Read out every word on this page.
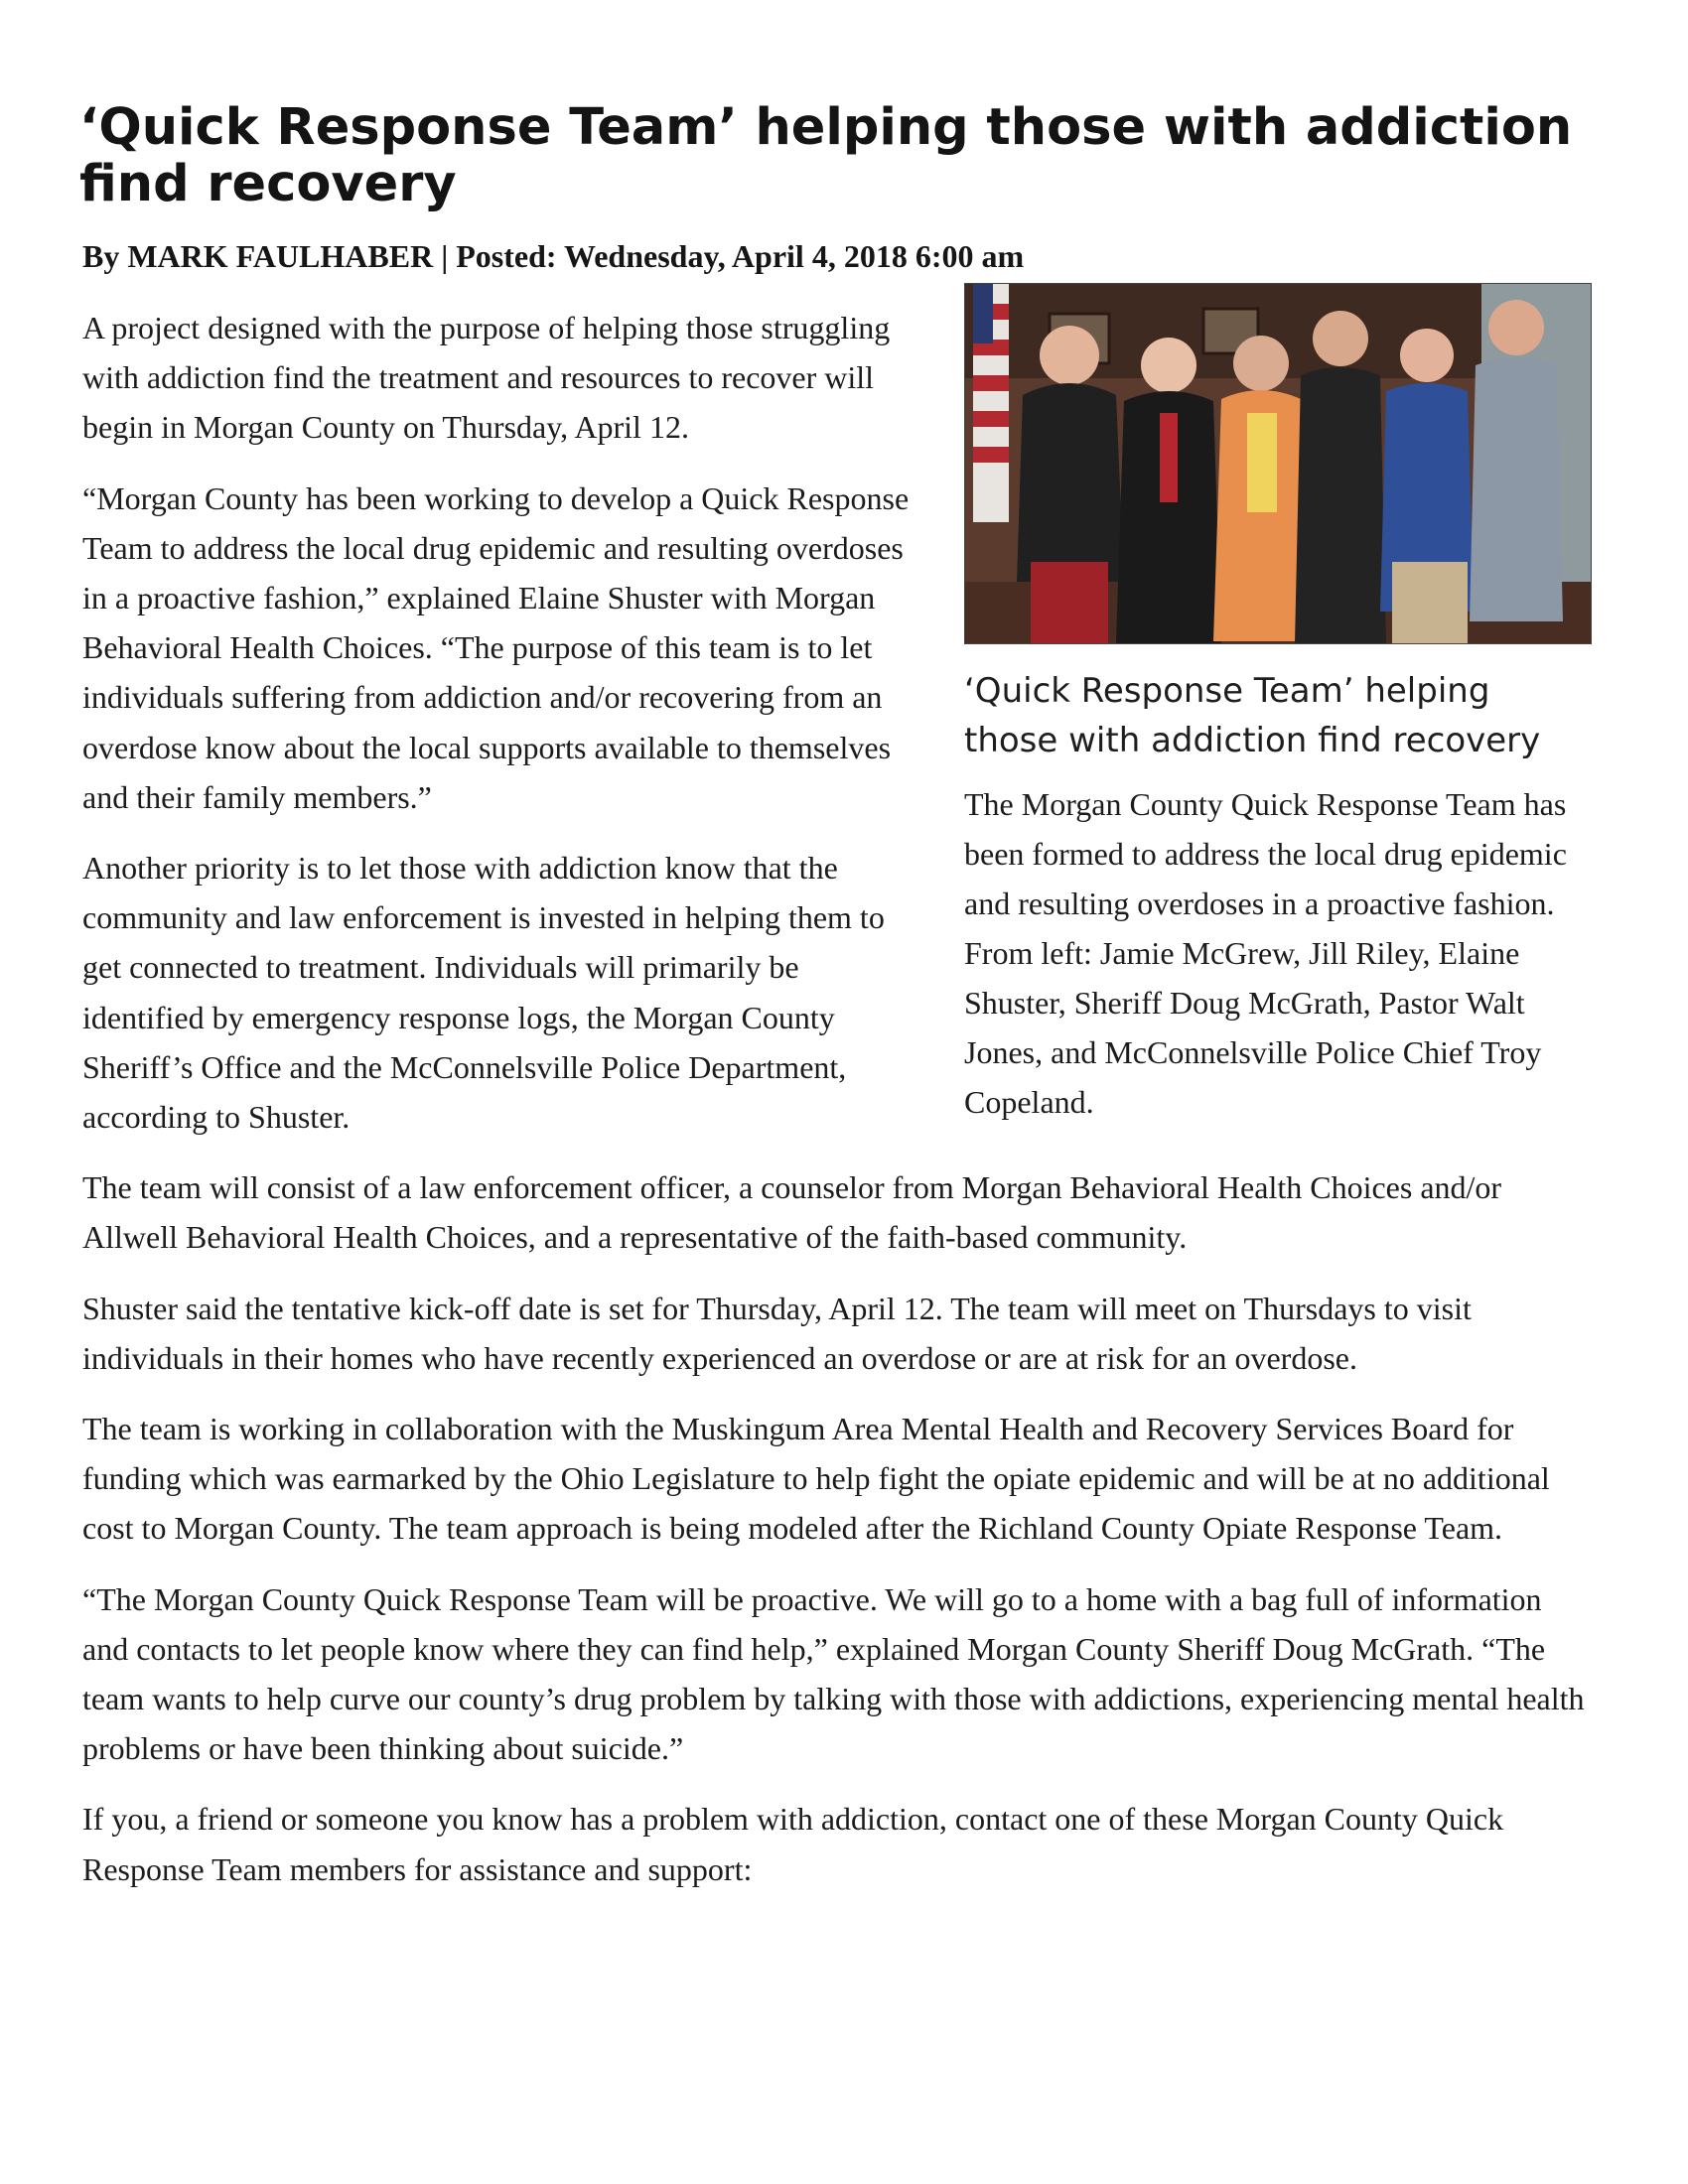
‘Quick Response Team’ helping those with addiction find recovery
By MARK FAULHABER | Posted: Wednesday, April 4, 2018 6:00 am
‘Quick Response Team’ helping those with addiction find recovery
The Morgan County Quick Response Team has been formed to address the local drug epidemic and resulting overdoses in a proactive fashion. From left: Jamie McGrew, Jill Riley, Elaine Shuster, Sheriff Doug McGrath, Pastor Walt Jones, and McConnelsville Police Chief Troy Copeland.

A project designed with the purpose of helping those struggling with addiction find the treatment and resources to recover will begin in Morgan County on Thursday, April 12.

“Morgan County has been working to develop a Quick Response Team to address the local drug epidemic and resulting overdoses in a proactive fashion,” explained Elaine Shuster with Morgan Behavioral Health Choices. “The purpose of this team is to let individuals suffering from addiction and/or recovering from an overdose know about the local supports available to themselves and their family members.”

Another priority is to let those with addiction know that the community and law enforcement is invested in helping them to get connected to treatment. Individuals will primarily be identified by emergency response logs, the Morgan County Sheriff’s Office and the McConnelsville Police Department, according to Shuster.

The team will consist of a law enforcement officer, a counselor from Morgan Behavioral Health Choices and/or Allwell Behavioral Health Choices, and a representative of the faith-based community.

Shuster said the tentative kick-off date is set for Thursday, April 12. The team will meet on Thursdays to visit individuals in their homes who have recently experienced an overdose or are at risk for an overdose.

The team is working in collaboration with the Muskingum Area Mental Health and Recovery Services Board for funding which was earmarked by the Ohio Legislature to help fight the opiate epidemic and will be at no additional cost to Morgan County. The team approach is being modeled after the Richland County Opiate Response Team.

“The Morgan County Quick Response Team will be proactive. We will go to a home with a bag full of information and contacts to let people know where they can find help,” explained Morgan County Sheriff Doug McGrath. “The team wants to help curve our county’s drug problem by talking with those with addictions, experiencing mental health problems or have been thinking about suicide.”

If you, a friend or someone you know has a problem with addiction, contact one of these Morgan County Quick Response Team members for assistance and support:
